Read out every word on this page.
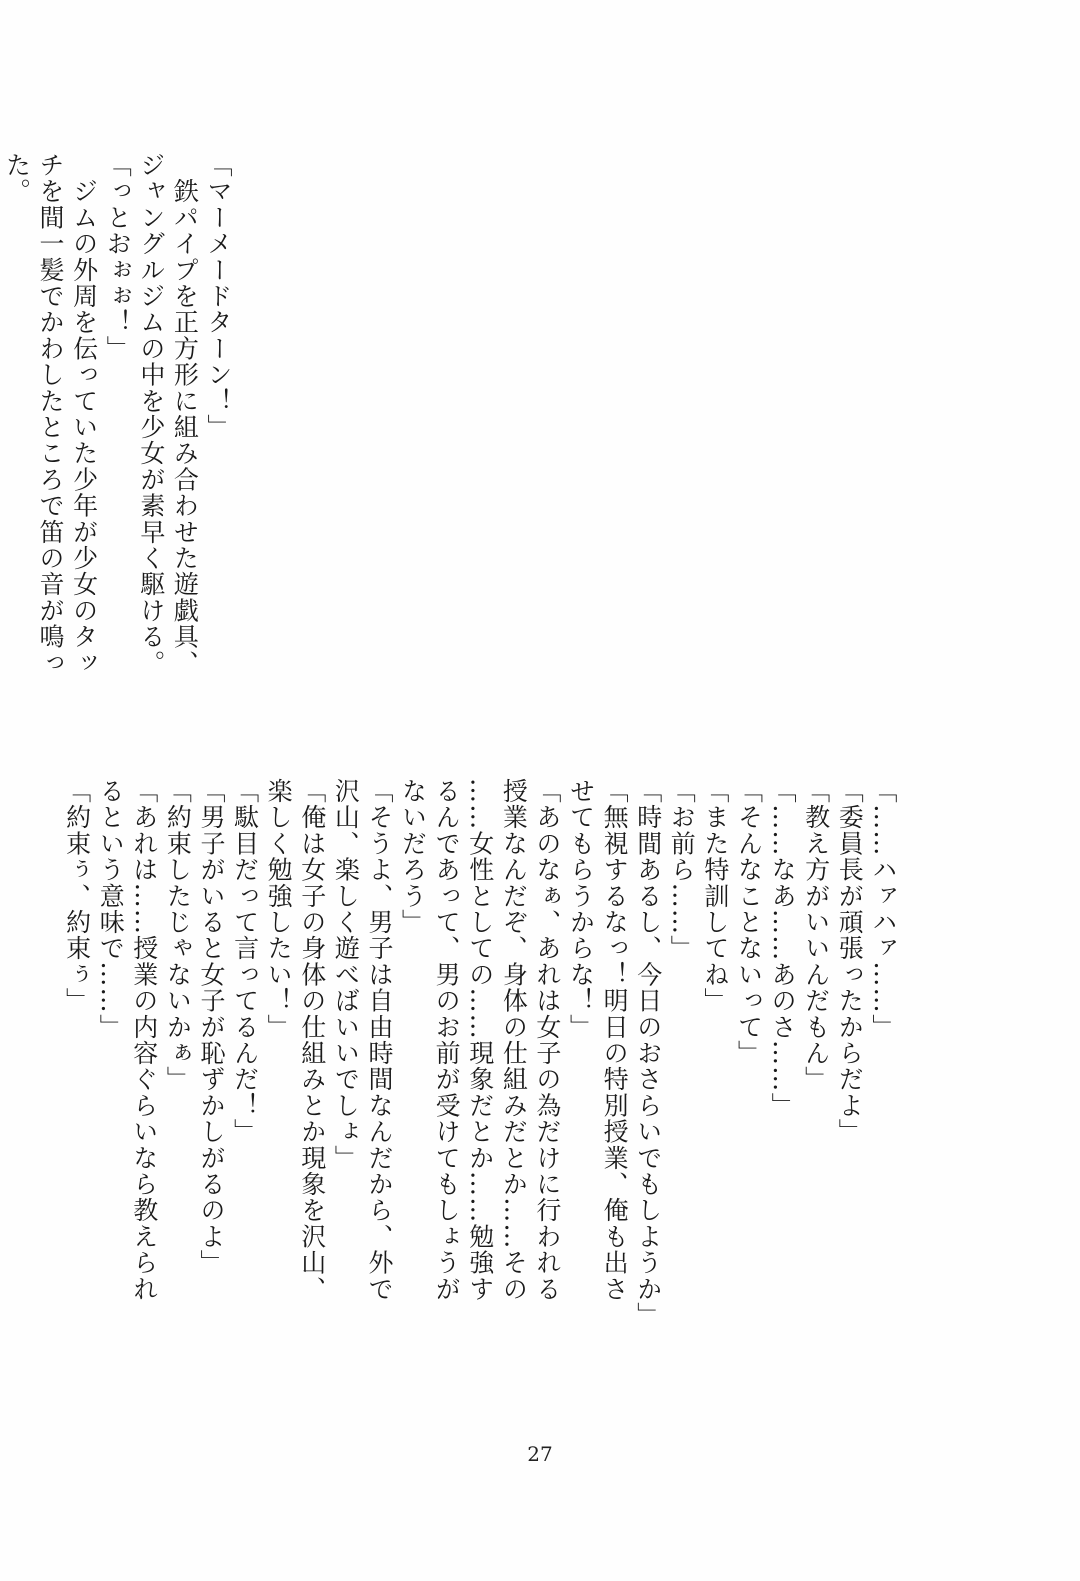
「マーメードターン！」
　鉄パイプを正方形に組み合わせた遊戯具、
ジャングルジムの中を少女が素早く駆ける。
「っとおぉぉ！」
　ジムの外周を伝っていた少年が少女のタッ
チを間一髪でかわしたところで笛の音が鳴っ
た。
「……ハァハァ……」
「委員長が頑張ったからだよ」
「教え方がいいんだもん」
「……なあ……あのさ……」
「そんなことないって」
「また特訓してね」
「お前ら……」
「時間あるし、今日のおさらいでもしようか」
「無視するなっ！明日の特別授業、俺も出さ
せてもらうからな！」
「あのなぁ、あれは女子の為だけに行われる
授業なんだぞ、身体の仕組みだとか……その
……女性としての……現象だとか……勉強す
るんであって、男のお前が受けてもしょうが
ないだろう」
「そうよ、男子は自由時間なんだから、外で
沢山、楽しく遊べばいいでしょ」
「俺は女子の身体の仕組みとか現象を沢山、
楽しく勉強したい！」
「駄目だって言ってるんだ！」
「男子がいると女子が恥ずかしがるのよ」
「約束したじゃないかぁ」
「あれは……授業の内容ぐらいなら教えられ
るという意味で……」
「約束ぅ、約束ぅ」
27
